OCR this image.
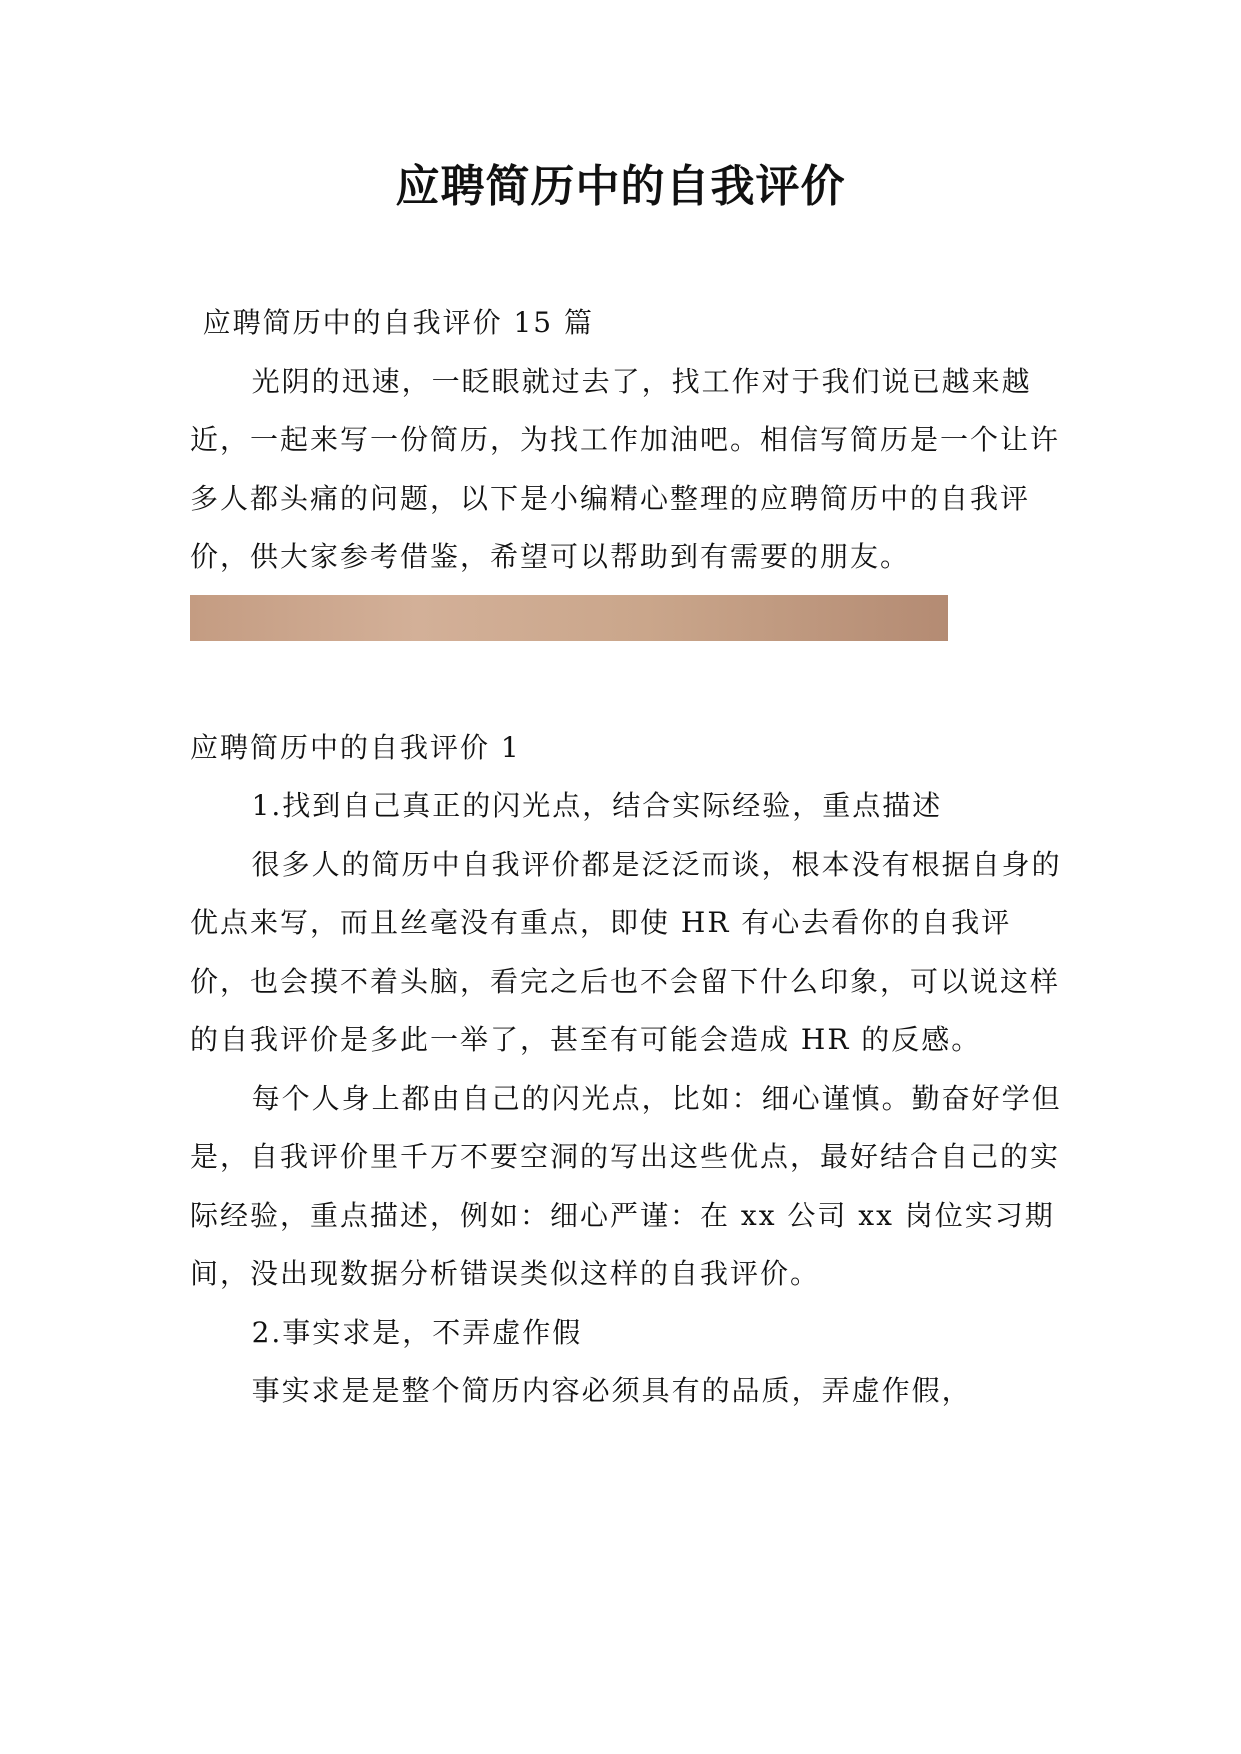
应聘简历中的自我评价

应聘简历中的自我评价 15 篇

光阴的迅速，一眨眼就过去了，找工作对于我们说已越来越近，一起来写一份简历，为找工作加油吧。相信写简历是一个让许多人都头痛的问题，以下是小编精心整理的应聘简历中的自我评价，供大家参考借鉴，希望可以帮助到有需要的朋友。

应聘简历中的自我评价 1

1.找到自己真正的闪光点，结合实际经验，重点描述

很多人的简历中自我评价都是泛泛而谈，根本没有根据自身的优点来写，而且丝毫没有重点，即使 HR 有心去看你的自我评价，也会摸不着头脑，看完之后也不会留下什么印象，可以说这样的自我评价是多此一举了，甚至有可能会造成 HR 的反感。

每个人身上都由自己的闪光点，比如：细心谨慎。勤奋好学但是，自我评价里千万不要空洞的写出这些优点，最好结合自己的实际经验，重点描述，例如：细心严谨：在 xx 公司 xx 岗位实习期间，没出现数据分析错误类似这样的自我评价。

2.事实求是，不弄虚作假

事实求是是整个简历内容必须具有的品质，弄虚作假，
